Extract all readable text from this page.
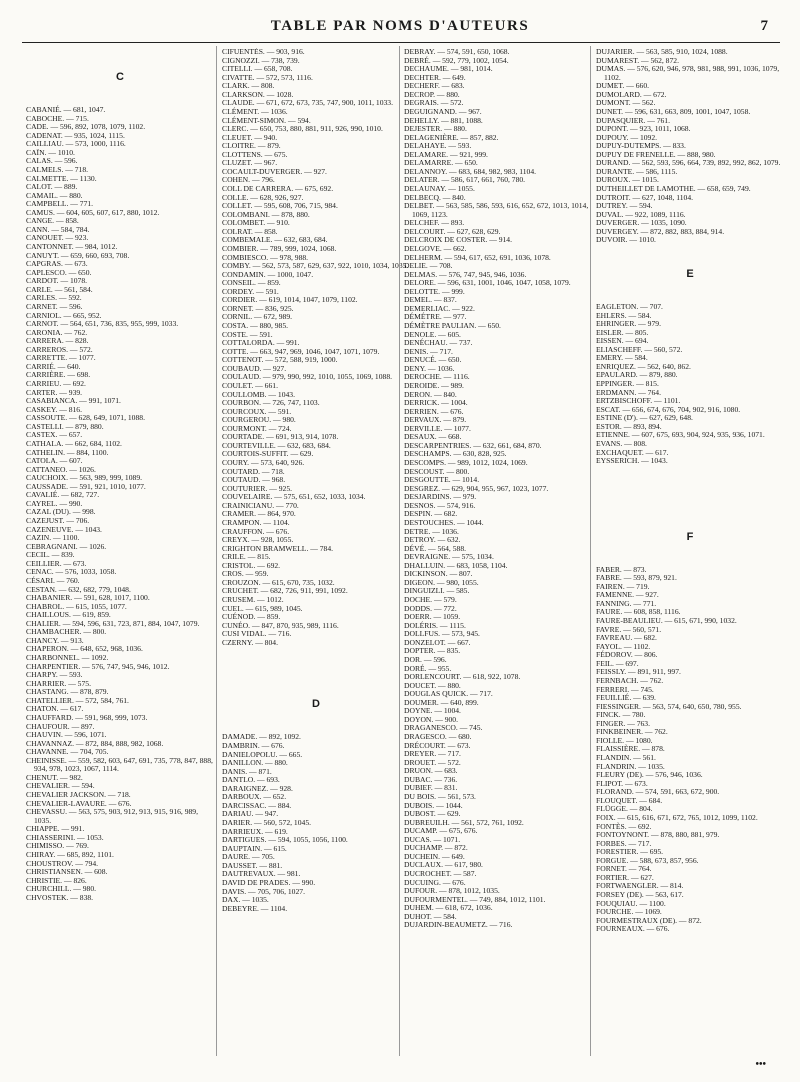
TABLE PAR NOMS D'AUTEURS	7
C
CABANIÉ. — 681, 1047.
CABOCHE. — 715.
CADE. — 596, 892, 1078, 1079, 1102.
CADENAT. — 935, 1024, 1115.
CAILLIAU. — 573, 1000, 1116.
CAÏN. — 1010.
CALAS. — 596.
CALMELS. — 718.
CALMETTE. — 1130.
CALOT. — 889.
CAMAIL. — 880.
CAMPBELL. — 771.
CAMUS. — 604, 605, 607, 617, 880, 1012.
CANGE. — 858.
CANN. — 584, 784.
CANOUET. — 923.
CANTONNET. — 984, 1012.
CANUYT. — 659, 660, 693, 708.
CAPGRAS. — 673.
CAPLESCO. — 650.
CARDOT. — 1078.
CARLE. — 561, 584.
CARLES. — 592.
CARNET. — 596.
CARNIOL. — 665, 952.
CARNOT. — 564, 651, 736, 835, 955, 999, 1033.
CARONIA. — 762.
CARRERA. — 828.
CARREROS. — 572.
CARRETTE. — 1077.
CARRIÉ. — 640.
CARRIÈRE. — 698.
CARRIEU. — 692.
CARTER. — 939.
CASABIANCA. — 991, 1071.
CASKEY. — 816.
CASSOUTE. — 628, 649, 1071, 1088.
CASTELLI. — 879, 880.
CASTEX. — 657.
CATHALA. — 662, 684, 1102.
CATHELIN. — 884, 1100.
CATOLA. — 607.
CATTANEO. — 1026.
CAUCHOIX. — 563, 989, 999, 1089.
CAUSSADE. — 591, 921, 1010, 1077.
CAVALIÉ. — 682, 727.
CAYREL. — 990.
CAZAL (DU). — 998.
CAZEJUST. — 706.
CAZENEUVE. — 1043.
CAZIN. — 1100.
CEBRAGNANI. — 1026.
CECIL. — 839.
CEILLIER. — 673.
CENAC. — 576, 1033, 1058.
CÉSARI. — 760.
CESTAN. — 632, 682, 779, 1048.
CHABANIER. — 591, 628, 1017, 1100.
CHABROL. — 615, 1055, 1077.
CHAILLOUS. — 619, 859.
CHALIER. — 594, 596, 631, 723, 871, 884, 1047, 1079.
CHAMBACHER. — 800.
CHANCY. — 913.
CHAPERON. — 648, 652, 968, 1036.
CHARBONNEL. — 1092.
CHARPENTIER. — 576, 747, 945, 946, 1012.
CHARPY. — 593.
CHARRIER. — 575.
CHASTANG. — 878, 879.
CHATELLIER. — 572, 584, 761.
CHATON. — 617.
CHAUFFARD. — 591, 968, 999, 1073.
CHAUFOUR. — 897.
CHAUVIN. — 596, 1071.
CHAVANNAZ. — 872, 884, 888, 982, 1068.
CHAVANNE. — 704, 705.
CHEINISSE. — 559, 582, 603, 647, 691, 735, 778, 847, 888, 934, 978, 1023, 1067, 1114.
CHENUT. — 982.
CHEVALIER. — 594.
CHEVALIER JACKSON. — 718.
CHEVALIER-LAVAURE. — 676.
CHEVASSU. — 563, 575, 903, 912, 913, 915, 916, 989, 1035.
CHIAPPE. — 991.
CHIASSERINI. — 1053.
CHIMISSO. — 769.
CHIRAY. — 685, 892, 1101.
CHOUSTROV. — 794.
CHRISTIANSEN. — 608.
CHRISTIE. — 826.
CHURCHILL. — 980.
CHVOSTEK. — 838.
CIFUENTÈS. — 903, 916.
CIGNOZZI. — 738, 739.
CITELLI. — 658, 708.
CIVATTE. — 572, 573, 1116.
CLARK. — 808.
CLARKSON. — 1028.
CLAUDE. — 671, 672, 673, 735, 747, 900, 1011, 1033.
CLÉMENT. — 1036.
CLÉMENT-SIMON. — 594.
CLERC. — 650, 753, 880, 881, 911, 926, 990, 1010.
CLEUET. — 940.
CLOITRE. — 879.
CLOTTENS. — 675.
CLUZET. — 967.
COCAULT-DUVERGER. — 927.
COHEN. — 796.
COLL DE CARRERA. — 675, 692.
COLLE. — 628, 926, 927.
COLLET. — 595, 608, 706, 715, 984.
COLOMBANI. — 878, 880.
COLOMBET. — 910.
COLRAT. — 858.
COMBEMALE. — 632, 683, 684.
COMBIER. — 789, 999, 1024, 1068.
COMBIESCO. — 978, 988.
COMBY. — 562, 573, 587, 629, 637, 922, 1010, 1034, 1035.
CONDAMIN. — 1000, 1047.
CONSEIL. — 859.
CORDEY. — 591.
CORDIER. — 619, 1014, 1047, 1079, 1102.
CORNET. — 836, 925.
CORNIL. — 672, 989.
COSTA. — 880, 985.
COSTE. — 591.
COTTALORDA. — 991.
COTTE. — 663, 947, 969, 1046, 1047, 1071, 1079.
COTTENOT. — 572, 588, 919, 1000.
COUBAUD. — 927.
COULAUD. — 979, 990, 992, 1010, 1055, 1069, 1088.
COULET. — 661.
COULLOMB. — 1043.
COURBON. — 726, 747, 1103.
COURCOUX. — 591.
COURGEROU. — 980.
COURMONT. — 724.
COURTADE. — 691, 913, 914, 1078.
COURTEVILLE. — 632, 683, 684.
COURTOIS-SUFFIT. — 629.
COURY. — 573, 640, 926.
COUTARD. — 718.
COUTAUD. — 968.
COUTURIER. — 925.
COUVELAIRE. — 575, 651, 652, 1033, 1034.
CRAINICIANU. — 770.
CRAMER. — 864, 970.
CRAMPON. — 1104.
CRAUFFON. — 676.
CREYX. — 928, 1055.
CRIGHTON BRAMWELL. — 784.
CRILE. — 815.
CRISTOL. — 692.
CROS. — 959.
CROUZON. — 615, 670, 735, 1032.
CRUCHET. — 682, 726, 911, 991, 1092.
CRUSEM. — 1012.
CUEL. — 615, 989, 1045.
CUÉNOD. — 859.
CUNÉO. — 847, 870, 935, 989, 1116.
CUSI VIDAL. — 716.
CZERNY. — 804.
D
DAMADE. — 892, 1092.
DAMBRIN. — 676.
DANIELOPOLU. — 665.
DANILLON. — 880.
DANIS. — 871.
DANTLO. — 693.
DARAIGNEZ. — 928.
DARBOUX. — 652.
DARCISSAC. — 884.
DARIAU. — 947.
DARIER. — 560, 572, 1045.
DARRIEUX. — 619.
DARTIGUES. — 594, 1055, 1056, 1100.
DAUPTAIN. — 615.
DAURE. — 705.
DAUSSET. — 881.
DAUTREVAUX. — 981.
DAVID DE PRADES. — 990.
DAVIS. — 705, 706, 1027.
DAX. — 1035.
DEBEYRE. — 1104.
DEBRAY. — 574, 591, 650, 1068.
DEBRÉ. — 592, 779, 1002, 1054.
DECHAUME. — 981, 1014.
DECHTER. — 649.
DECHERF. — 683.
DECROP. — 880.
DEGRAIS. — 572.
DEGUIGNAND. — 967.
DEHELLY. — 881, 1088.
DEJESTER. — 880.
DELAGENIÈRE. — 857, 882.
DELAHAYE. — 593.
DELAMARE. — 921, 999.
DELAMARRE. — 650.
DELANNOY. — 683, 684, 982, 983, 1104.
DELATER. — 586, 617, 661, 760, 780.
DELAUNAY. — 1055.
DELBECQ. — 840.
DELBET. — 563, 585, 586, 593, 616, 652, 672, 1013, 1014, 1069, 1123.
DELCHEF. — 893.
DELCOURT. — 627, 628, 629.
DELCROIX DE COSTER. — 914.
DELGOVE. — 662.
DELHERM. — 594, 617, 652, 691, 1036, 1078.
DELIE. — 708.
DELMAS. — 576, 747, 945, 946, 1036.
DELORE. — 596, 631, 1001, 1046, 1047, 1058, 1079.
DELOTTE. — 999.
DEMEL. — 837.
DEMERLIAC. — 922.
DÉMÉTRE. — 977.
DÉMÈTRE PAULIAN. — 650.
DENOLE. — 605.
DENÉCHAU. — 737.
DENIS. — 717.
DENUCÉ. — 650.
DENY. — 1036.
DEROCHE. — 1116.
DEROIDE. — 989.
DERON. — 840.
DERRICK. — 1004.
DERRIEN. — 676.
DERVAUX. — 879.
DERVILLE. — 1077.
DESAUX. — 668.
DESCARPENTRIES. — 632, 661, 684, 870.
DESCHAMPS. — 630, 828, 925.
DESCOMPS. — 989, 1012, 1024, 1069.
DESCOUST. — 800.
DESGOUTTE. — 1014.
DESGREZ. — 629, 904, 955, 967, 1023, 1077.
DESJARDINS. — 979.
DESNOS. — 574, 916.
DESPIN. — 682.
DESTOUCHES. — 1044.
DETRE. — 1036.
DETROY. — 632.
DÉVÉ. — 564, 588.
DEVRAIGNE. — 575, 1034.
DHALLUIN. — 683, 1058, 1104.
DICKINSON. — 807.
DIGEON. — 980, 1055.
DINGUIZLI. — 585.
DOCHE. — 579.
DODDS. — 772.
DOERR. — 1059.
DOLÉRIS. — 1115.
DOLLFUS. — 573, 945.
DONZELOT. — 667.
DOPTER. — 835.
DOR. — 596.
DORÉ. — 955.
DORLENCOURT. — 618, 922, 1078.
DOUCET. — 880.
DOUGLAS QUICK. — 717.
DOUMER. — 640, 899.
DOYNE. — 1004.
DOYON. — 900.
DRAGANESCO. — 745.
DRAGESCO. — 680.
DRÉCOURT. — 673.
DREYER. — 717.
DROUET. — 572.
DRUON. — 683.
DUBAC. — 736.
DUBIEF. — 831.
DU BOIS. — 561, 573.
DUBOIS. — 1044.
DUBOST. — 629.
DUBREUILH. — 561, 572, 761, 1092.
DUCAMP. — 675, 676.
DUCAS. — 1071.
DUCHAMP. — 872.
DUCHEIN. — 649.
DUCLAUX. — 617, 980.
DUCROCHET. — 587.
DUCUING. — 676.
DUFOUR. — 878, 1012, 1035.
DUFOURMENTEL. — 749, 884, 1012, 1101.
DUHEM. — 618, 672, 1036.
DUHOT. — 584.
DUJARDIN-BEAUMETZ. — 716.
DUJARIER. — 563, 585, 910, 1024, 1088.
DUMAREST. — 562, 872.
DUMAS. — 576, 620, 946, 978, 981, 988, 991, 1036, 1079, 1102.
DUMET. — 660.
DUMOLARD. — 672.
DUMONT. — 562.
DUNET. — 596, 631, 663, 809, 1001, 1047, 1058.
DUPASQUIER. — 761.
DUPONT. — 923, 1011, 1068.
DUPOUY. — 1092.
DUPUY-DUTEMPS. — 833.
DUPUY DE FRENELLE. — 888, 980.
DURAND. — 562, 593, 596, 664, 739, 892, 992, 862, 1079.
DURANTE. — 586, 1115.
DUROUX. — 1015.
DUTHEILLET DE LAMOTHE. — 658, 659, 749.
DUTROIT. — 627, 1048, 1104.
DUTREY. — 594.
DUVAL. — 922, 1089, 1116.
DUVERGER. — 1035, 1090.
DUVERGEY. — 872, 882, 883, 884, 914.
DUVOIR. — 1010.
E
EAGLETON. — 707.
EHLERS. — 584.
EHRINGER. — 979.
EISLER. — 805.
EISSEN. — 694.
ELIASCHEFF. — 560, 572.
EMERY. — 584.
ENRIQUEZ. — 562, 640, 862.
EPAULARD. — 879, 880.
EPPINGER. — 815.
ERDMANN. — 764.
ERTZBISCHOFF. — 1101.
ESCAT. — 656, 674, 676, 704, 902, 916, 1080.
ESTINE (D'). — 627, 629, 648.
ESTOR. — 893, 894.
ETIENNE. — 607, 675, 693, 904, 924, 935, 936, 1071.
EVANS. — 808.
EXCHAQUET. — 617.
EYSSERICH. — 1043.
F
FABER. — 873.
FABRE. — 593, 879, 921.
FAIREN. — 719.
FAMENNE. — 927.
FANNING. — 771.
FAURE. — 608, 858, 1116.
FAURE-BEAULIEU. — 615, 671, 990, 1032.
FAVRE. — 560, 571.
FAVREAU. — 682.
FAYOL. — 1102.
FÉDOROV. — 806.
FEIL. — 697.
FEISSLY. — 891, 911, 997.
FERNBACH. — 762.
FERRERI. — 745.
FEUILLIÉ. — 639.
FIESSINGER. — 563, 574, 640, 650, 780, 955.
FINCK. — 780.
FINGER. — 763.
FINKBEINER. — 762.
FIOLLE. — 1080.
FLAISSIÈRE. — 878.
FLANDIN. — 561.
FLANDRIN. — 1035.
FLEURY (DE). — 576, 946, 1036.
FLIPOT. — 673.
FLORAND. — 574, 591, 663, 672, 900.
FLOUQUET. — 684.
FLÜGGE. — 804.
FOIX. — 615, 616, 671, 672, 765, 1012, 1099, 1102.
FONTÈS. — 692.
FONTOYNONT. — 878, 880, 881, 979.
FORBES. — 717.
FORESTIER. — 695.
FORGUE. — 588, 673, 857, 956.
FORNET. — 764.
FORTIER. — 627.
FORTWAENGLER. — 814.
FORSEY (DE). — 563, 617.
FOUQUIAU. — 1100.
FOURCHE. — 1069.
FOURMESTRAUX (DE). — 872.
FOURNEAUX. — 676.
•••
